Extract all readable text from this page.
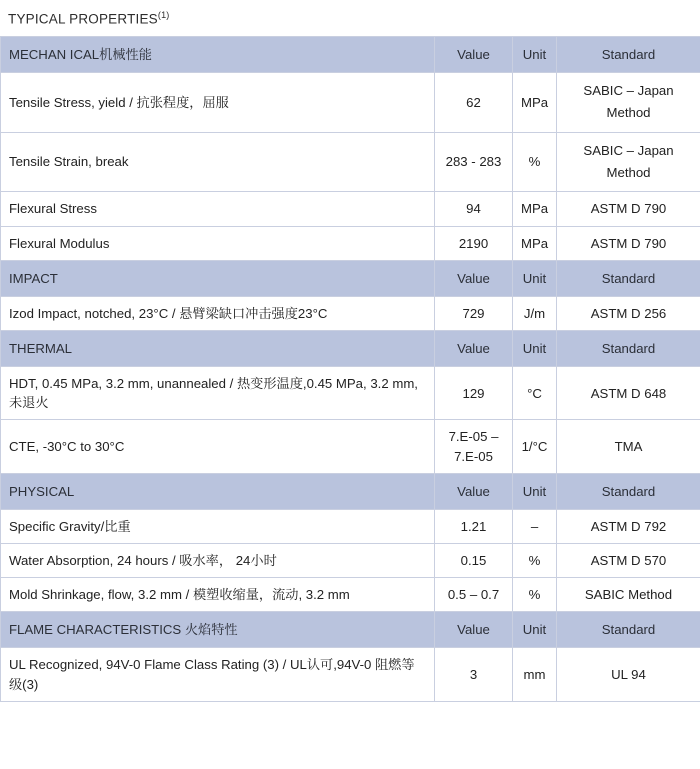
TYPICAL PROPERTIES$^{(1)}$
MECHAN ICAL机械性能	Value	Unit	Standard
Tensile Stress, yield / 抗张程度，屈服	62	MPa	SABIC – Japan Method
Tensile Strain, break	283 - 283	%	SABIC – Japan Method
Flexural Stress	94	MPa	ASTM D 790
Flexural Modulus	2190	MPa	ASTM D 790
IMPACT	Value	Unit	Standard
Izod Impact, notched, 23°C / 悬臂梁缺口冲击强度23°C	729	J/m	ASTM D 256
THERMAL	Value	Unit	Standard
HDT, 0.45 MPa, 3.2 mm, unannealed / 热变形温度,0.45 MPa, 3.2 mm,未退火	129	°C	ASTM D 648
CTE, -30°C to 30°C	7.E-05 – 7.E-05	1/°C	TMA
PHYSICAL	Value	Unit	Standard
Specific Gravity/比重	1.21	–	ASTM D 792
Water Absorption, 24 hours / 吸水率， 24小时	0.15	%	ASTM D 570
Mold Shrinkage, flow, 3.2 mm / 模塑收缩量，流动, 3.2 mm	0.5 – 0.7	%	SABIC Method
FLAME CHARACTERISTICS 火焰特性	Value	Unit	Standard
UL Recognized, 94V-0 Flame Class Rating (3) / UL认可,94V-0 阻燃等级(3)	3	mm	UL 94
